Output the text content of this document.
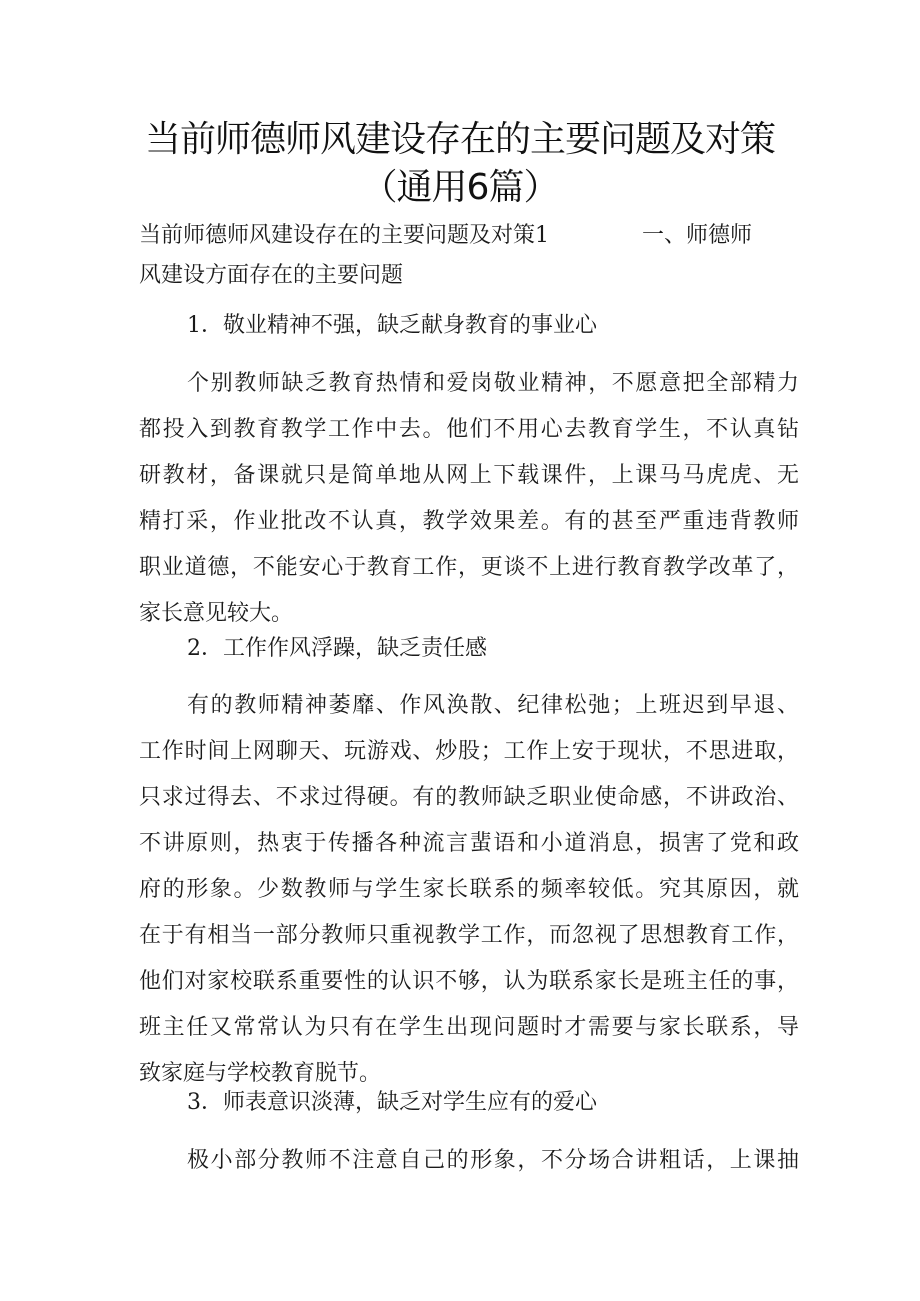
当前师德师风建设存在的主要问题及对策
（通用6篇）
当前师德师风建设存在的主要问题及对策1	一、师德师
风建设方面存在的主要问题
1．敬业精神不强，缺乏献身教育的事业心
个别教师缺乏教育热情和爱岗敬业精神，不愿意把全部精力
都投入到教育教学工作中去。他们不用心去教育学生，不认真钻
研教材，备课就只是简单地从网上下载课件，上课马马虎虎、无
精打采，作业批改不认真，教学效果差。有的甚至严重违背教师
职业道德，不能安心于教育工作，更谈不上进行教育教学改革了，
家长意见较大。
2．工作作风浮躁，缺乏责任感
有的教师精神萎靡、作风涣散、纪律松弛；上班迟到早退、
工作时间上网聊天、玩游戏、炒股；工作上安于现状，不思进取，
只求过得去、不求过得硬。有的教师缺乏职业使命感，不讲政治、
不讲原则，热衷于传播各种流言蜚语和小道消息，损害了党和政
府的形象。少数教师与学生家长联系的频率较低。究其原因，就
在于有相当一部分教师只重视教学工作，而忽视了思想教育工作，
他们对家校联系重要性的认识不够，认为联系家长是班主任的事，
班主任又常常认为只有在学生出现问题时才需要与家长联系，导
致家庭与学校教育脱节。
3．师表意识淡薄，缺乏对学生应有的爱心
极小部分教师不注意自己的形象，不分场合讲粗话，上课抽
